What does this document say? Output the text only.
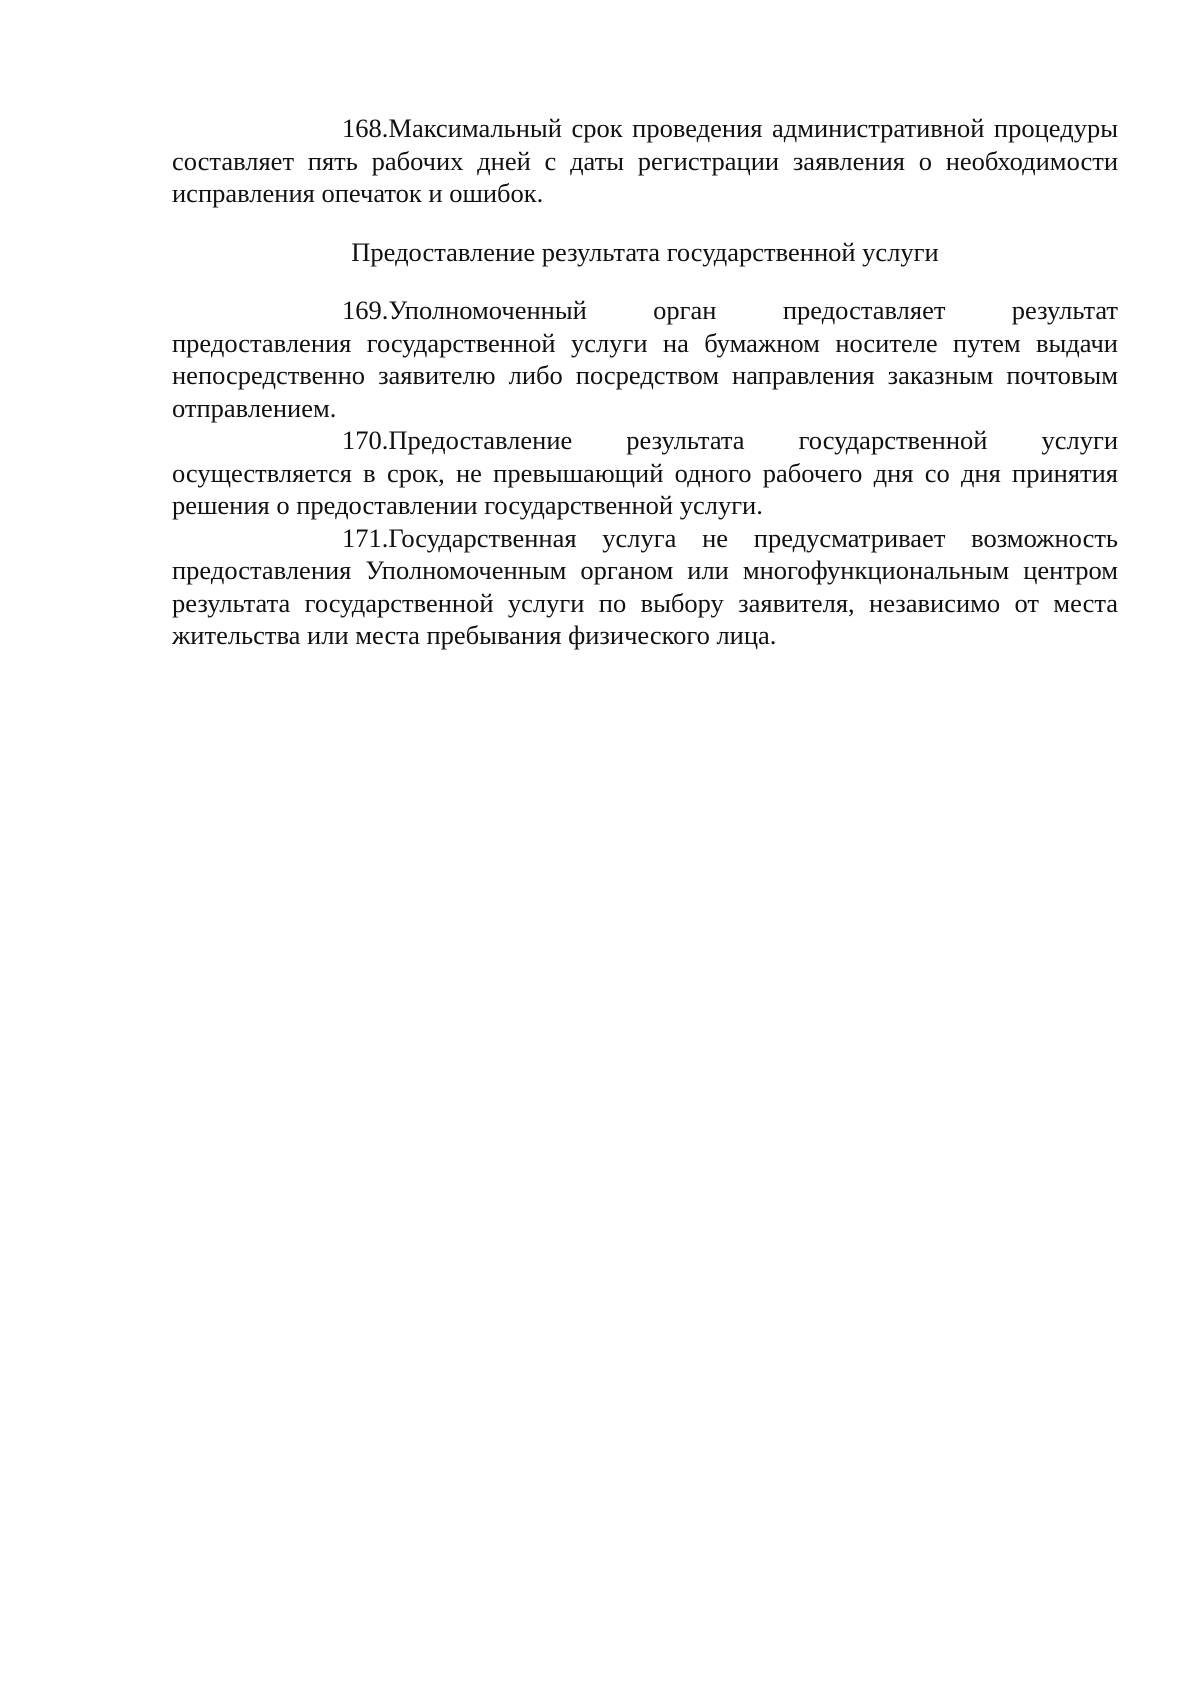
168.Максимальный срок проведения административной процедуры составляет пять рабочих дней с даты регистрации заявления о необходимости исправления опечаток и ошибок.

Предоставление результата государственной услуги

169.Уполномоченный орган предоставляет результат предоставления государственной услуги на бумажном носителе путем выдачи непосредственно заявителю либо посредством направления заказным почтовым отправлением.

170.Предоставление результата государственной услуги осуществляется в срок, не превышающий одного рабочего дня со дня принятия решения о предоставлении государственной услуги.

171.Государственная услуга не предусматривает возможность предоставления Уполномоченным органом или многофункциональным центром результата государственной услуги по выбору заявителя, независимо от места жительства или места пребывания физического лица.
